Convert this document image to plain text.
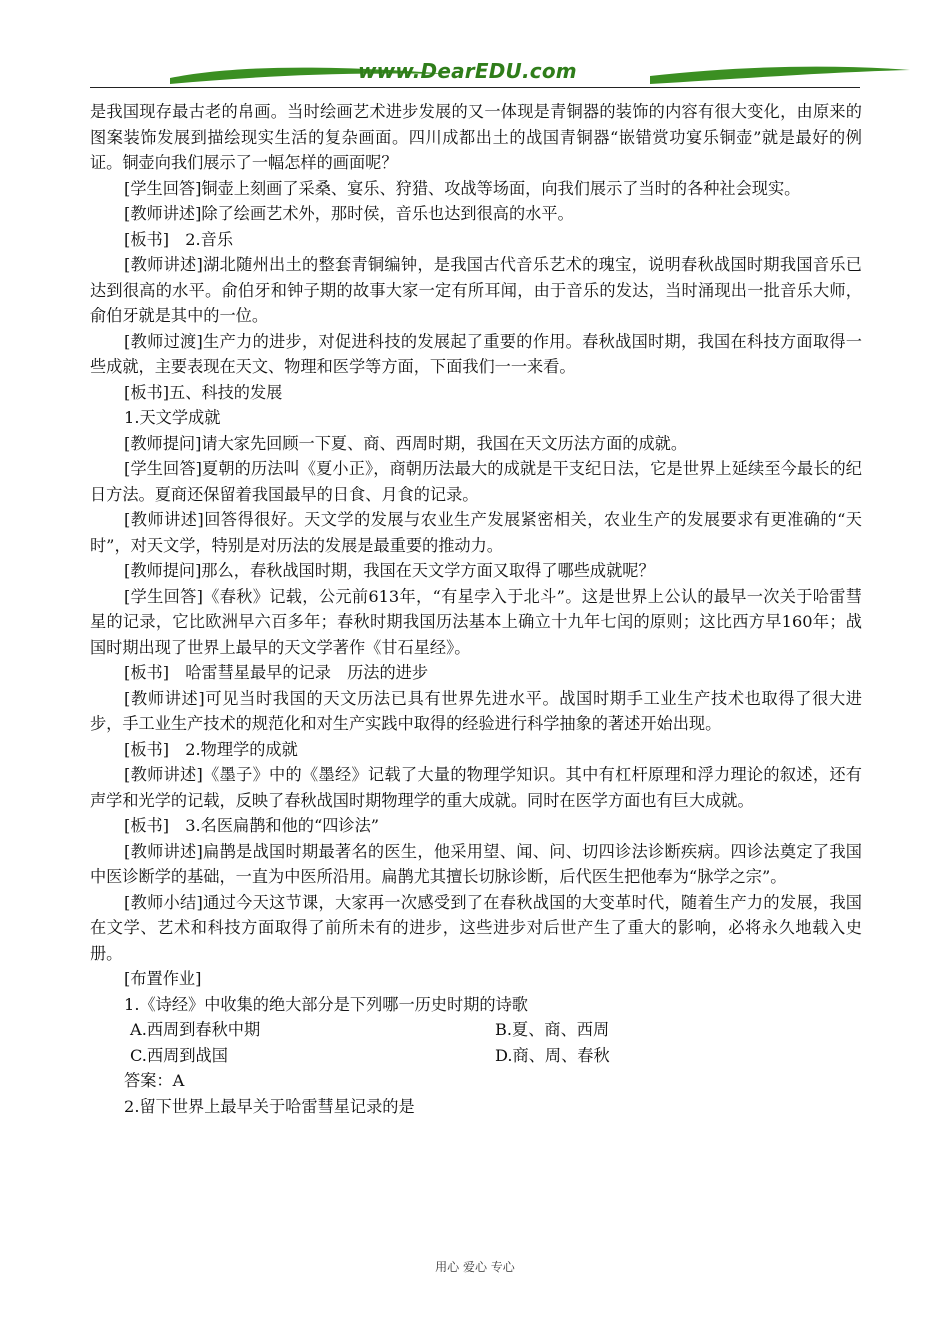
www.DearEDU.com

是我国现存最古老的帛画。当时绘画艺术进步发展的又一体现是青铜器的装饰的内容有很大变化，由原来的图案装饰发展到描绘现实生活的复杂画面。四川成都出土的战国青铜器“嵌错赏功宴乐铜壶”就是最好的例证。铜壶向我们展示了一幅怎样的画面呢？

[学生回答]铜壶上刻画了采桑、宴乐、狩猎、攻战等场面，向我们展示了当时的各种社会现实。

[教师讲述]除了绘画艺术外，那时侯，音乐也达到很高的水平。

[板书]　2.音乐

[教师讲述]湖北随州出土的整套青铜编钟，是我国古代音乐艺术的瑰宝，说明春秋战国时期我国音乐已达到很高的水平。俞伯牙和钟子期的故事大家一定有所耳闻，由于音乐的发达，当时涌现出一批音乐大师，俞伯牙就是其中的一位。

[教师过渡]生产力的进步，对促进科技的发展起了重要的作用。春秋战国时期，我国在科技方面取得一些成就，主要表现在天文、物理和医学等方面，下面我们一一来看。

[板书]五、科技的发展

1.天文学成就

[教师提问]请大家先回顾一下夏、商、西周时期，我国在天文历法方面的成就。

[学生回答]夏朝的历法叫《夏小正》，商朝历法最大的成就是干支纪日法，它是世界上延续至今最长的纪日方法。夏商还保留着我国最早的日食、月食的记录。

[教师讲述]回答得很好。天文学的发展与农业生产发展紧密相关，农业生产的发展要求有更准确的“天时”，对天文学，特别是对历法的发展是最重要的推动力。

[教师提问]那么，春秋战国时期，我国在天文学方面又取得了哪些成就呢？

[学生回答]《春秋》记载，公元前613年，“有星孛入于北斗”。这是世界上公认的最早一次关于哈雷彗星的记录，它比欧洲早六百多年；春秋时期我国历法基本上确立十九年七闰的原则；这比西方早160年；战国时期出现了世界上最早的天文学著作《甘石星经》。

[板书]　哈雷彗星最早的记录　历法的进步

[教师讲述]可见当时我国的天文历法已具有世界先进水平。战国时期手工业生产技术也取得了很大进步，手工业生产技术的规范化和对生产实践中取得的经验进行科学抽象的著述开始出现。

[板书]　2.物理学的成就

[教师讲述]《墨子》中的《墨经》记载了大量的物理学知识。其中有杠杆原理和浮力理论的叙述，还有声学和光学的记载，反映了春秋战国时期物理学的重大成就。同时在医学方面也有巨大成就。

[板书]　3.名医扁鹊和他的“四诊法”

[教师讲述]扁鹊是战国时期最著名的医生，他采用望、闻、问、切四诊法诊断疾病。四诊法奠定了我国中医诊断学的基础，一直为中医所沿用。扁鹊尤其擅长切脉诊断，后代医生把他奉为“脉学之宗”。

[教师小结]通过今天这节课，大家再一次感受到了在春秋战国的大变革时代，随着生产力的发展，我国在文学、艺术和科技方面取得了前所未有的进步，这些进步对后世产生了重大的影响，必将永久地载入史册。

[布置作业]

1.《诗经》中收集的绝大部分是下列哪一历史时期的诗歌

A.西周到春秋中期	B.夏、商、西周
C.西周到战国	D.商、周、春秋

答案：A

2.留下世界上最早关于哈雷彗星记录的是

用心 爱心 专心
